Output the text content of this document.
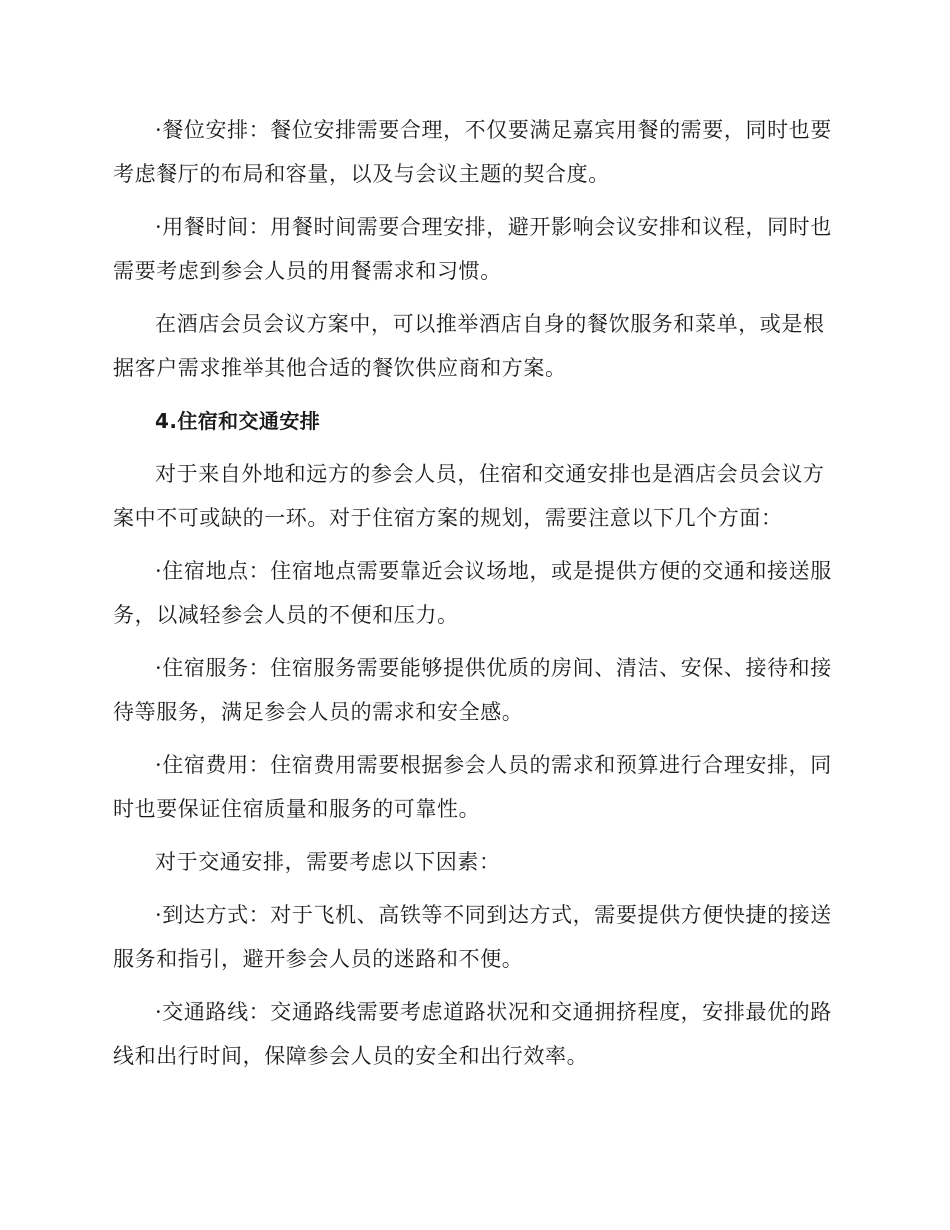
·餐位安排：餐位安排需要合理，不仅要满足嘉宾用餐的需要，同时也要考虑餐厅的布局和容量，以及与会议主题的契合度。

·用餐时间：用餐时间需要合理安排，避开影响会议安排和议程，同时也需要考虑到参会人员的用餐需求和习惯。

在酒店会员会议方案中，可以推举酒店自身的餐饮服务和菜单，或是根据客户需求推举其他合适的餐饮供应商和方案。

4.住宿和交通安排

对于来自外地和远方的参会人员，住宿和交通安排也是酒店会员会议方案中不可或缺的一环。对于住宿方案的规划，需要注意以下几个方面：

·住宿地点：住宿地点需要靠近会议场地，或是提供方便的交通和接送服务，以减轻参会人员的不便和压力。

·住宿服务：住宿服务需要能够提供优质的房间、清洁、安保、接待和接待等服务，满足参会人员的需求和安全感。

·住宿费用：住宿费用需要根据参会人员的需求和预算进行合理安排，同时也要保证住宿质量和服务的可靠性。

对于交通安排，需要考虑以下因素：

·到达方式：对于飞机、高铁等不同到达方式，需要提供方便快捷的接送服务和指引，避开参会人员的迷路和不便。

·交通路线：交通路线需要考虑道路状况和交通拥挤程度，安排最优的路线和出行时间，保障参会人员的安全和出行效率。
